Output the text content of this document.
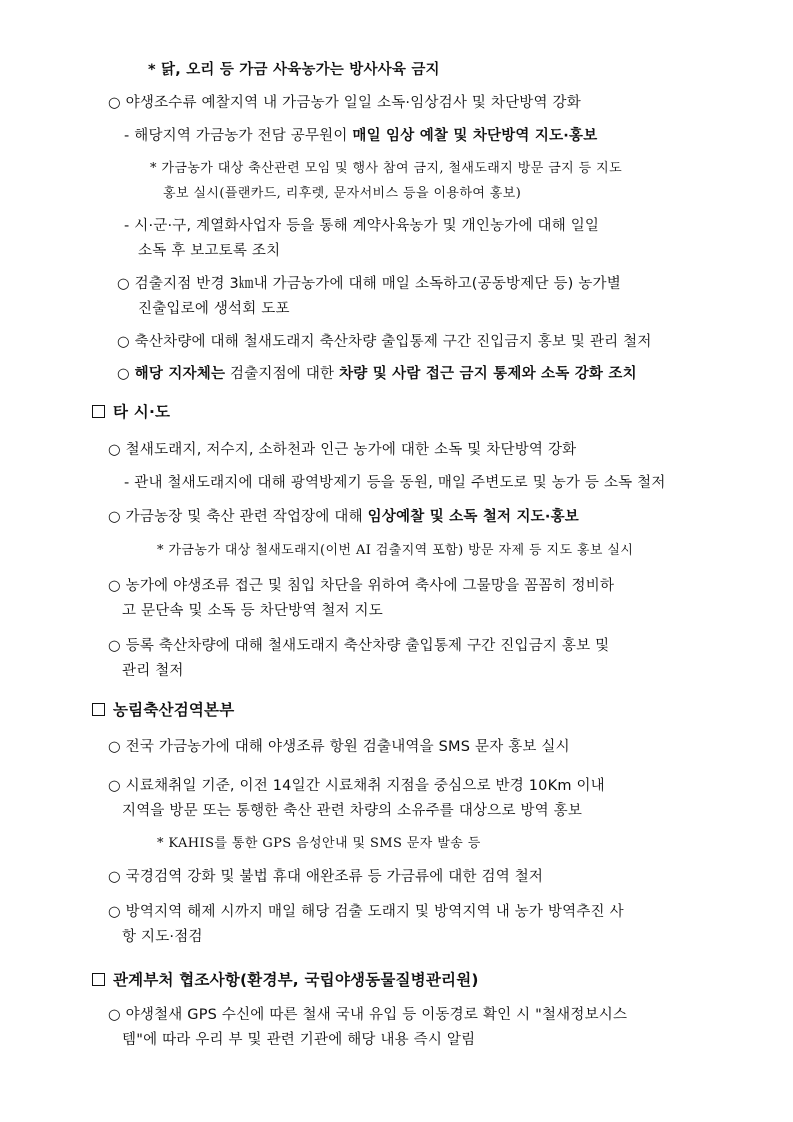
* 닭, 오리 등 가금 사육농가는 방사사육 금지
○ 야생조수류 예찰지역 내 가금농가 일일 소독·임상검사 및 차단방역 강화
- 해당지역 가금농가 전담 공무원이 매일 임상 예찰 및 차단방역 지도·홍보
* 가금농가 대상 축산관련 모임 및 행사 참여 금지, 철새도래지 방문 금지 등 지도
홍보 실시(플랜카드, 리후렛, 문자서비스 등을 이용하여 홍보)
- 시·군·구, 계열화사업자 등을 통해 계약사육농가 및 개인농가에 대해 일일
소독 후 보고토록 조치
○ 검출지점 반경 3㎞내 가금농가에 대해 매일 소독하고(공동방제단 등) 농가별
진출입로에 생석회 도포
○ 축산차량에 대해 철새도래지 축산차량 출입통제 구간 진입금지 홍보 및 관리 철저
○ 해당 지자체는 검출지점에 대한 차량 및 사람 접근 금지 통제와 소독 강화 조치
타 시·도
○ 철새도래지, 저수지, 소하천과 인근 농가에 대한 소독 및 차단방역 강화
- 관내 철새도래지에 대해 광역방제기 등을 동원, 매일 주변도로 및 농가 등 소독 철저
○ 가금농장 및 축산 관련 작업장에 대해 임상예찰 및 소독 철저 지도·홍보
* 가금농가 대상 철새도래지(이번 AI 검출지역 포함) 방문 자제 등 지도 홍보 실시
○ 농가에 야생조류 접근 및 침입 차단을 위하여 축사에 그물망을 꼼꼼히 정비하
고 문단속 및 소독 등 차단방역 철저 지도
○ 등록 축산차량에 대해 철새도래지 축산차량 출입통제 구간 진입금지 홍보 및
관리 철저
농림축산검역본부
○ 전국 가금농가에 대해 야생조류 항원 검출내역을 SMS 문자 홍보 실시
○ 시료채취일 기준, 이전 14일간 시료채취 지점을 중심으로 반경 10Km 이내
지역을 방문 또는 통행한 축산 관련 차량의 소유주를 대상으로 방역 홍보
* KAHIS를 통한 GPS 음성안내 및 SMS 문자 발송 등
○ 국경검역 강화 및 불법 휴대 애완조류 등 가금류에 대한 검역 철저
○ 방역지역 해제 시까지 매일 해당 검출 도래지 및 방역지역 내 농가 방역추진 사
항 지도·점검
관계부처 협조사항(환경부, 국립야생동물질병관리원)
○ 야생철새 GPS 수신에 따른 철새 국내 유입 등 이동경로 확인 시 "철새정보시스
템"에 따라 우리 부 및 관련 기관에 해당 내용 즉시 알림
